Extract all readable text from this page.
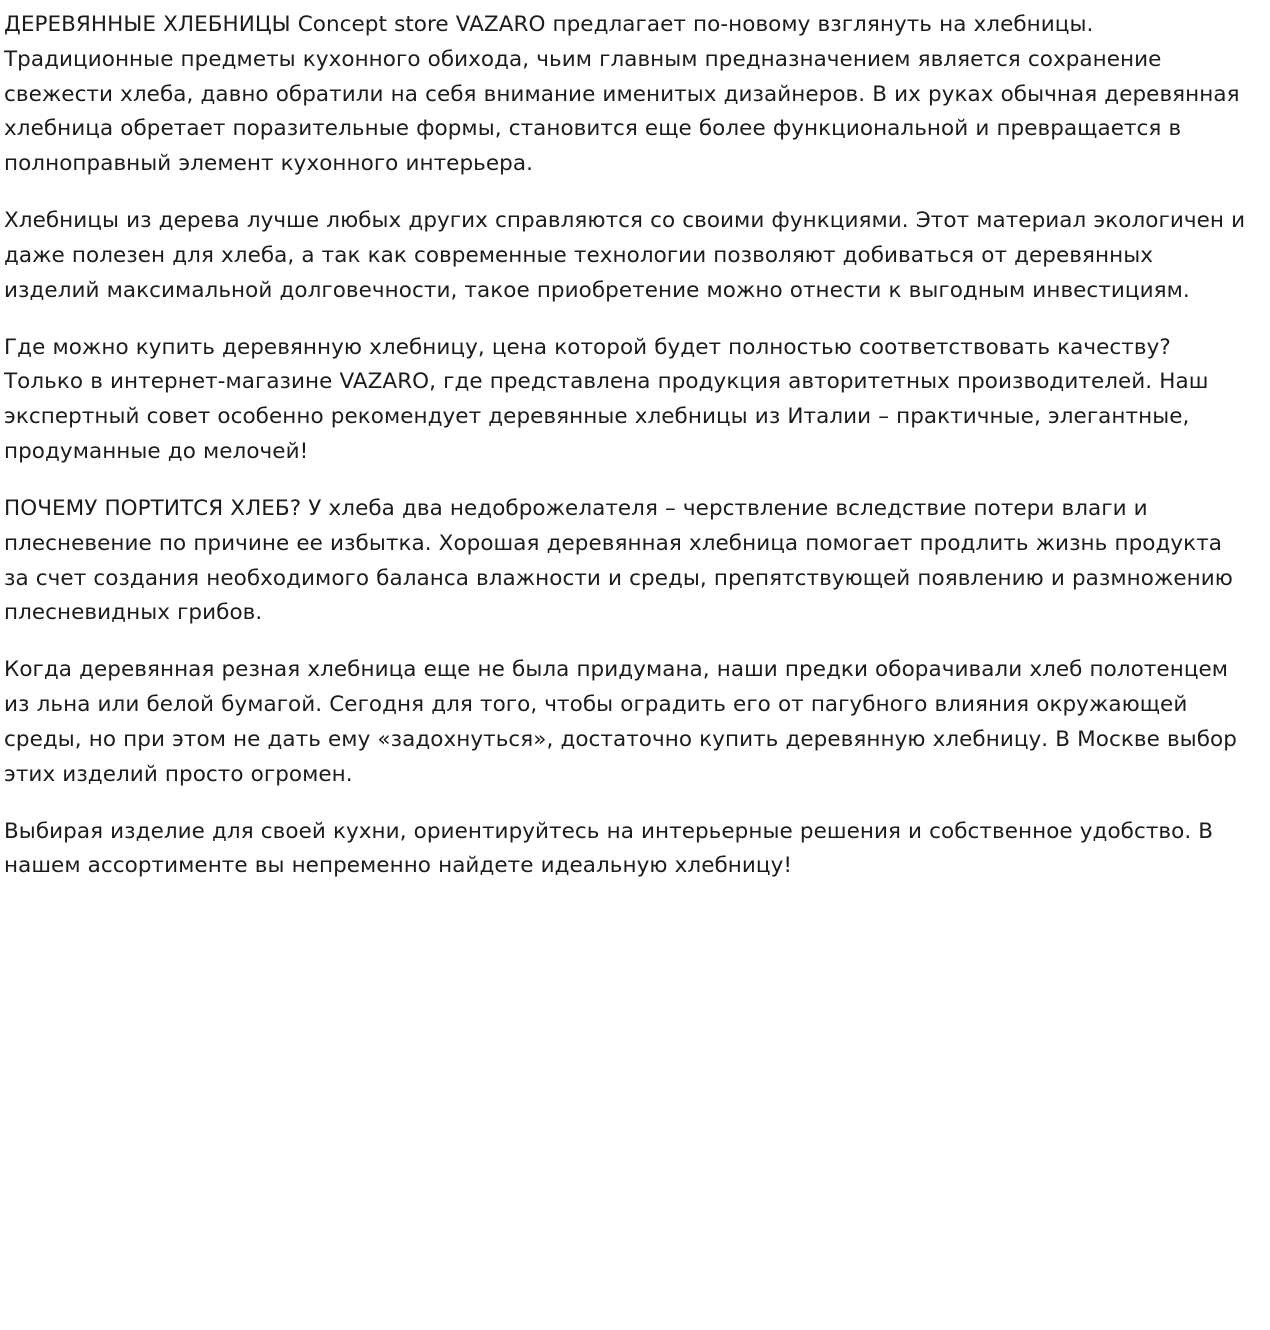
ДЕРЕВЯННЫЕ ХЛЕБНИЦЫ Concept store VAZARO предлагает по-новому взглянуть на хлебницы. Традиционные предметы кухонного обихода, чьим главным предназначением является сохранение свежести хлеба, давно обратили на себя внимание именитых дизайнеров. В их руках обычная деревянная хлебница обретает поразительные формы, становится еще более функциональной и превращается в полноправный элемент кухонного интерьера.

Хлебницы из дерева лучше любых других справляются со своими функциями. Этот материал экологичен и даже полезен для хлеба, а так как современные технологии позволяют добиваться от деревянных изделий максимальной долговечности, такое приобретение можно отнести к выгодным инвестициям.

Где можно купить деревянную хлебницу, цена которой будет полностью соответствовать качеству? Только в интернет-магазине VAZARO, где представлена продукция авторитетных производителей. Наш экспертный совет особенно рекомендует деревянные хлебницы из Италии – практичные, элегантные, продуманные до мелочей!

ПОЧЕМУ ПОРТИТСЯ ХЛЕБ? У хлеба два недоброжелателя – черствление вследствие потери влаги и плесневение по причине ее избытка. Хорошая деревянная хлебница помогает продлить жизнь продукта за счет создания необходимого баланса влажности и среды, препятствующей появлению и размножению плесневидных грибов.

Когда деревянная резная хлебница еще не была придумана, наши предки оборачивали хлеб полотенцем из льна или белой бумагой. Сегодня для того, чтобы оградить его от пагубного влияния окружающей среды, но при этом не дать ему «задохнуться», достаточно купить деревянную хлебницу. В Москве выбор этих изделий просто огромен.

Выбирая изделие для своей кухни, ориентируйтесь на интерьерные решения и собственное удобство. В нашем ассортименте вы непременно найдете идеальную хлебницу!
